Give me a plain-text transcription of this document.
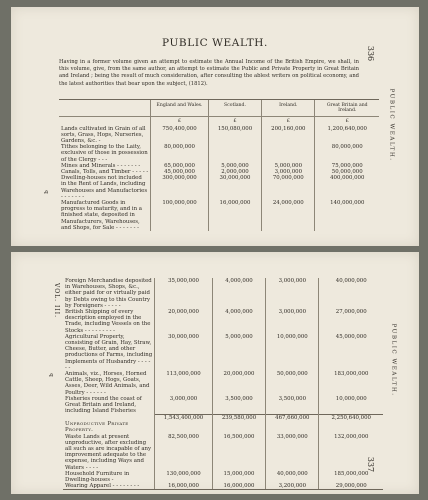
PUBLIC WEALTH.
Having in a former volume given an attempt to estimate the Annual Income of the British Empire, we shall, in this volume, give, from the same author, an attempt to estimate the Public and Private Property in Great Britain and Ireland ; being the result of much consideration, after consulting the ablest writers on political economy, and the latest authorities that bear upon the subject, (1812).
336
PUBLIC WEALTH.
q
	England and Wales.	Scotland.	Ireland.	Great Britain and Ireland.
	£	£	£	£
Lands cultivated in Grain of all sorts, Grass, Hops, Nurseries, Gardens, &c. -	750,400,000	150,080,000	200,160,000	1,200,640,000
Tithes belonging to the Laity, exclusive of those in possession of the Clergy - - -	80,000,000			80,000,000
Mines and Minerals - - - - - - -	65,000,000	5,000,000	5,000,000	75,000,000
Canals, Tolls, and Timber - - - - -	45,000,000	2,000,000	3,000,000	50,000,000
Dwelling-houses not included in the Rent of Lands, including Warehouses and Manufactories - - - - - - -	300,000,000	30,000,000	70,000,000	400,000,000
Manufactured Goods in progress to maturity, and in a finished state, deposited in Manufacturers, Warehouses, and Shops, for Sale - - - - - - -	100,000,000	16,000,000	24,000,000	140,000,000
VOL. III.
q	PUBLIC WEALTH.
337
Foreign Merchandise deposited in Warehouses, Shops, &c., either paid for or virtually paid by Debts owing to this Country by Foreigners - - - - -	35,000,000	4,000,000	3,000,000	40,000,000
British Shipping of every description employed in the Trade, including Vessels on the Stocks - - - - - - - - -	20,000,000	4,000,000	3,000,000	27,000,000
Agricultural Property, consisting of Grain, Hay, Straw, Cheese, Butter, and other productions of Farms, including Implements of Husbandry - - - - - -	30,000,000	5,000,000	10,000,000	45,000,000
Animals, viz., Horses, Horned Cattle, Sheep, Hogs, Goats, Asses, Deer, Wild Animals, and Poultry - - - - - -	113,000,000	20,000,000	50,000,000	183,000,000
Fisheries round the coast of Great Britain and Ireland, including Island Fisheries	3,000,000	3,500,000	3,500,000	10,000,000
	1,543,400,000	239,580,000	467,660,000	2,250,640,000
Unproductive Private Property.				
Waste Lands at present unproductive, after excluding all such as are incapable of any improvement adequate to the expense, including Ways and Waters - - - -	82,500,000	16,500,000	33,000,000	132,000,000
Household Furniture in Dwelling-houses -	130,000,000	15,000,000	40,000,000	185,000,000
Wearing Apparel - - - - - - - -	16,000,000	16,000,000	3,200,000	29,000,000
